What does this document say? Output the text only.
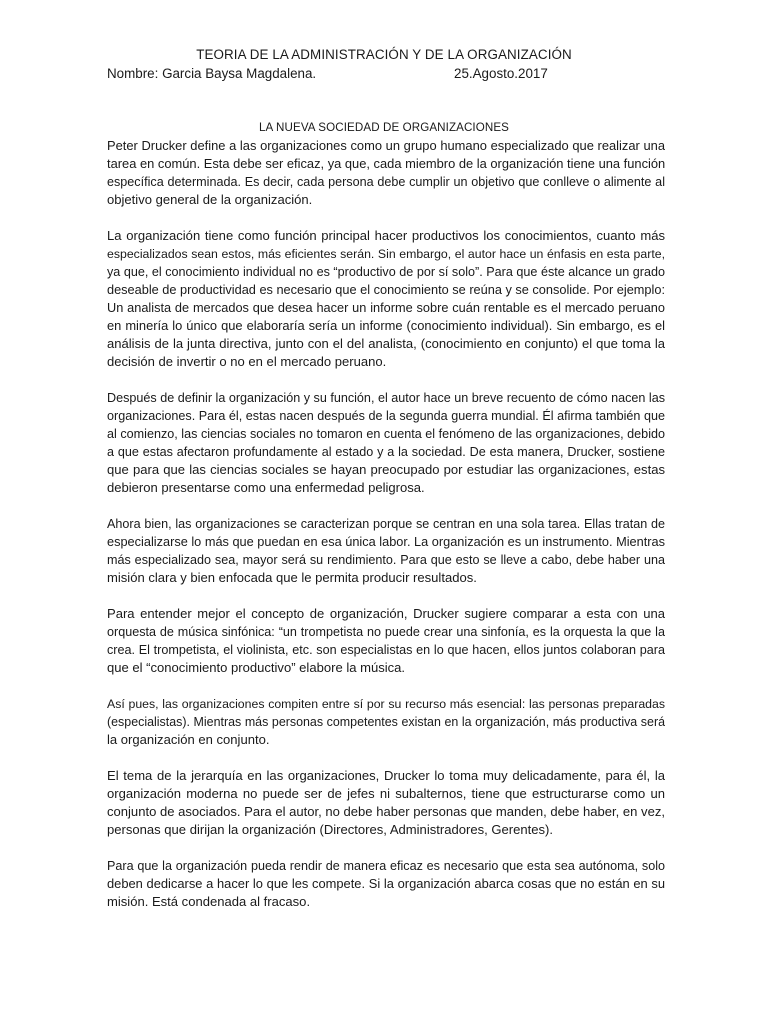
TEORIA DE LA ADMINISTRACIÓN Y DE LA ORGANIZACIÓN
Nombre: Garcia Baysa Magdalena.	25.Agosto.2017
LA NUEVA SOCIEDAD DE ORGANIZACIONES
Peter Drucker define a las organizaciones como un grupo humano especializado que realizar una
tarea en común. Esta debe ser eficaz, ya que, cada miembro de la organización tiene una función
específica determinada. Es decir, cada persona debe cumplir un objetivo que conlleve o alimente al
objetivo general de la organización.
La organización tiene como función principal hacer productivos los conocimientos, cuanto más
especializados sean estos, más eficientes serán. Sin embargo, el autor hace un énfasis en esta parte,
ya que, el conocimiento individual no es “productivo de por sí solo”. Para que éste alcance un grado
deseable de productividad es necesario que el conocimiento se reúna y se consolide. Por ejemplo:
Un analista de mercados que desea hacer un informe sobre cuán rentable es el mercado peruano
en minería lo único que elaboraría sería un informe (conocimiento individual). Sin embargo, es el
análisis de la junta directiva, junto con el del analista, (conocimiento en conjunto) el que toma la
decisión de invertir o no en el mercado peruano.
Después de definir la organización y su función, el autor hace un breve recuento de cómo nacen las
organizaciones. Para él, estas nacen después de la segunda guerra mundial. Él afirma también que
al comienzo, las ciencias sociales no tomaron en cuenta el fenómeno de las organizaciones, debido
a que estas afectaron profundamente al estado y a la sociedad. De esta manera, Drucker, sostiene
que para que las ciencias sociales se hayan preocupado por estudiar las organizaciones, estas
debieron presentarse como una enfermedad peligrosa.
Ahora bien, las organizaciones se caracterizan porque se centran en una sola tarea. Ellas tratan de
especializarse lo más que puedan en esa única labor. La organización es un instrumento. Mientras
más especializado sea, mayor será su rendimiento. Para que esto se lleve a cabo, debe haber una
misión clara y bien enfocada que le permita producir resultados.
Para entender mejor el concepto de organización, Drucker sugiere comparar a esta con una
orquesta de música sinfónica: “un trompetista no puede crear una sinfonía, es la orquesta la que la
crea. El trompetista, el violinista, etc. son especialistas en lo que hacen, ellos juntos colaboran para
que el “conocimiento productivo” elabore la música.
Así pues, las organizaciones compiten entre sí por su recurso más esencial: las personas preparadas
(especialistas). Mientras más personas competentes existan en la organización, más productiva será
la organización en conjunto.
El tema de la jerarquía en las organizaciones, Drucker lo toma muy delicadamente, para él, la
organización moderna no puede ser de jefes ni subalternos, tiene que estructurarse como un
conjunto de asociados. Para el autor, no debe haber personas que manden, debe haber, en vez,
personas que dirijan la organización (Directores, Administradores, Gerentes).
Para que la organización pueda rendir de manera eficaz es necesario que esta sea autónoma, solo
deben dedicarse a hacer lo que les compete. Si la organización abarca cosas que no están en su
misión. Está condenada al fracaso.
